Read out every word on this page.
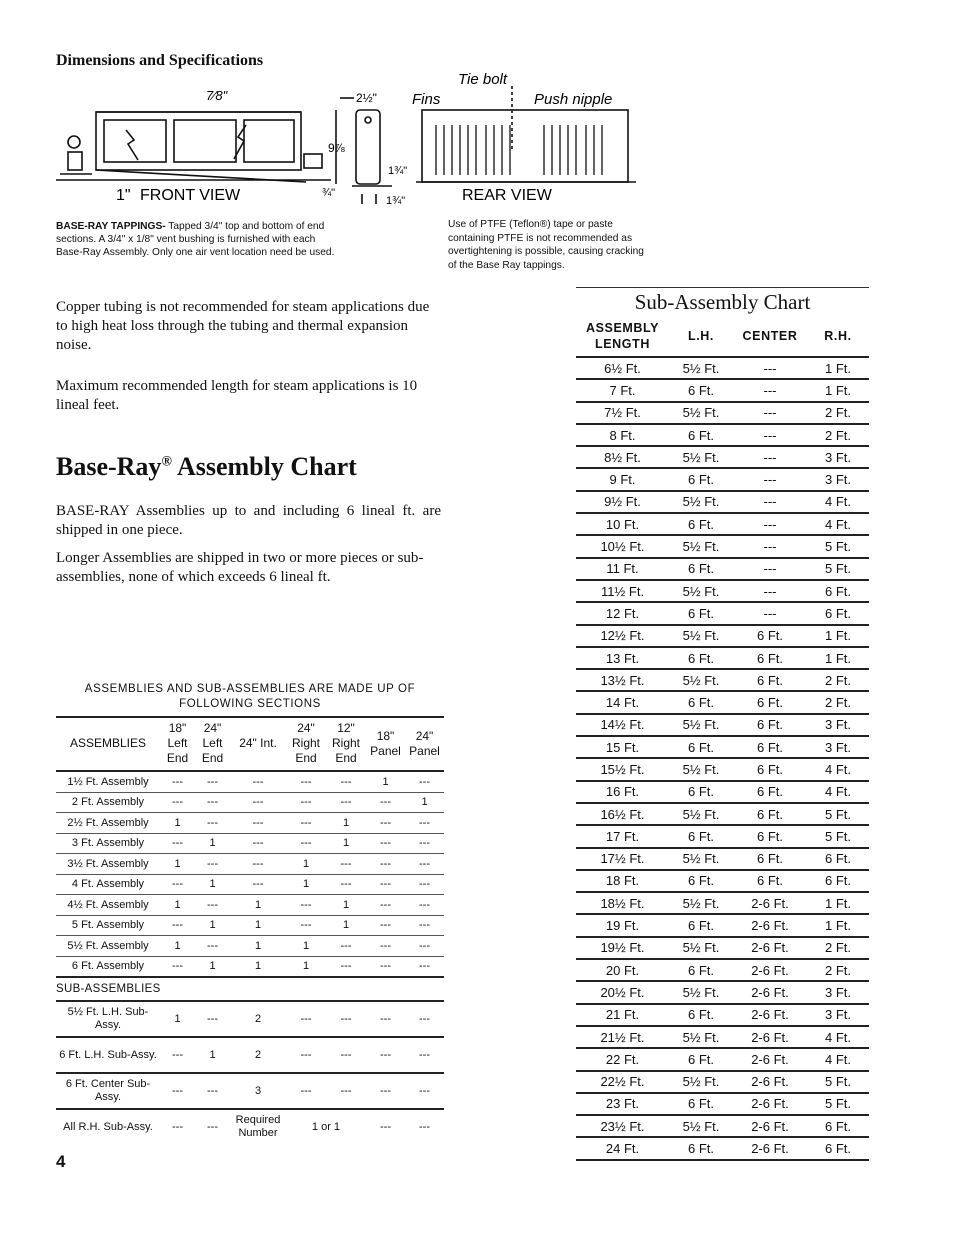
Dimensions and Specifications
1" FRONT VIEW
7⁄8"	2½"
9⅞
1¾"
¾"
1¾"
Fins
Tie bolt
Push nipple
REAR VIEW
BASE-RAY TAPPINGS- Tapped 3/4" top and bottom of end sections. A 3/4" x 1/8" vent bushing is furnished with each Base-Ray Assembly. Only one air vent location need be used.
Use of PTFE (Teflon®) tape or paste containing PTFE is not recommended as overtightening is possible, causing cracking of the Base Ray tappings.
Copper tubing is not recommended for steam applications due to high heat loss through the tubing and thermal expansion noise.
Maximum recommended length for steam applications is 10 lineal feet.
Base-Ray® Assembly Chart
BASE-RAY Assemblies up to and including 6 lineal ft. are shipped in one piece.
Longer Assemblies are shipped in two or more pieces or sub-assemblies, none of which exceeds 6 lineal ft.
ASSEMBLIES AND SUB-ASSEMBLIES ARE MADE UP OF FOLLOWING SECTIONS
ASSEMBLIES	18" Left End	24" Left End	24" Int.	24" Right End	12" Right End	18" Panel	24" Panel
1½ Ft. Assembly	---	---	---	---	---	1	---
2 Ft. Assembly	---	---	---	---	---	---	1
2½ Ft. Assembly	1	---	---	---	1	---	---
3 Ft. Assembly	---	1	---	---	1	---	---
3½ Ft. Assembly	1	---	---	1	---	---	---
4 Ft. Assembly	---	1	---	1	---	---	---
4½ Ft. Assembly	1	---	1	---	1	---	---
5 Ft. Assembly	---	1	1	---	1	---	---
5½ Ft. Assembly	1	---	1	1	---	---	---
6 Ft. Assembly	---	1	1	1	---	---	---
SUB-ASSEMBLIES							
5½ Ft. L.H. Sub-Assy.	1	---	2	---	---	---	---
6 Ft. L.H. Sub-Assy.	---	1	2	---	---	---	---
6 Ft. Center Sub-Assy.	---	---	3	---	---	---	---
All R.H. Sub-Assy.	---	---	Required Number	1 or 1		---	---
Sub-Assembly Chart
ASSEMBLY LENGTH	L.H.	CENTER	R.H.
6½ Ft.	5½ Ft.	---	1 Ft.
7 Ft.	6 Ft.	---	1 Ft.
7½ Ft.	5½ Ft.	---	2 Ft.
8 Ft.	6 Ft.	---	2 Ft.
8½ Ft.	5½ Ft.	---	3 Ft.
9 Ft.	6 Ft.	---	3 Ft.
9½ Ft.	5½ Ft.	---	4 Ft.
10 Ft.	6 Ft.	---	4 Ft.
10½ Ft.	5½ Ft.	---	5 Ft.
11 Ft.	6 Ft.	---	5 Ft.
11½ Ft.	5½ Ft.	---	6 Ft.
12 Ft.	6 Ft.	---	6 Ft.
12½ Ft.	5½ Ft.	6 Ft.	1 Ft.
13 Ft.	6 Ft.	6 Ft.	1 Ft.
13½ Ft.	5½ Ft.	6 Ft.	2 Ft.
14 Ft.	6 Ft.	6 Ft.	2 Ft.
14½ Ft.	5½ Ft.	6 Ft.	3 Ft.
15 Ft.	6 Ft.	6 Ft.	3 Ft.
15½ Ft.	5½ Ft.	6 Ft.	4 Ft.
16 Ft.	6 Ft.	6 Ft.	4 Ft.
16½ Ft.	5½ Ft.	6 Ft.	5 Ft.
17 Ft.	6 Ft.	6 Ft.	5 Ft.
17½ Ft.	5½ Ft.	6 Ft.	6 Ft.
18 Ft.	6 Ft.	6 Ft.	6 Ft.
18½ Ft.	5½ Ft.	2-6 Ft.	1 Ft.
19 Ft.	6 Ft.	2-6 Ft.	1 Ft.
19½ Ft.	5½ Ft.	2-6 Ft.	2 Ft.
20 Ft.	6 Ft.	2-6 Ft.	2 Ft.
20½ Ft.	5½ Ft.	2-6 Ft.	3 Ft.
21 Ft.	6 Ft.	2-6 Ft.	3 Ft.
21½ Ft.	5½ Ft.	2-6 Ft.	4 Ft.
22 Ft.	6 Ft.	2-6 Ft.	4 Ft.
22½ Ft.	5½ Ft.	2-6 Ft.	5 Ft.
23 Ft.	6 Ft.	2-6 Ft.	5 Ft.
23½ Ft.	5½ Ft.	2-6 Ft.	6 Ft.
24 Ft.	6 Ft.	2-6 Ft.	6 Ft.
4
